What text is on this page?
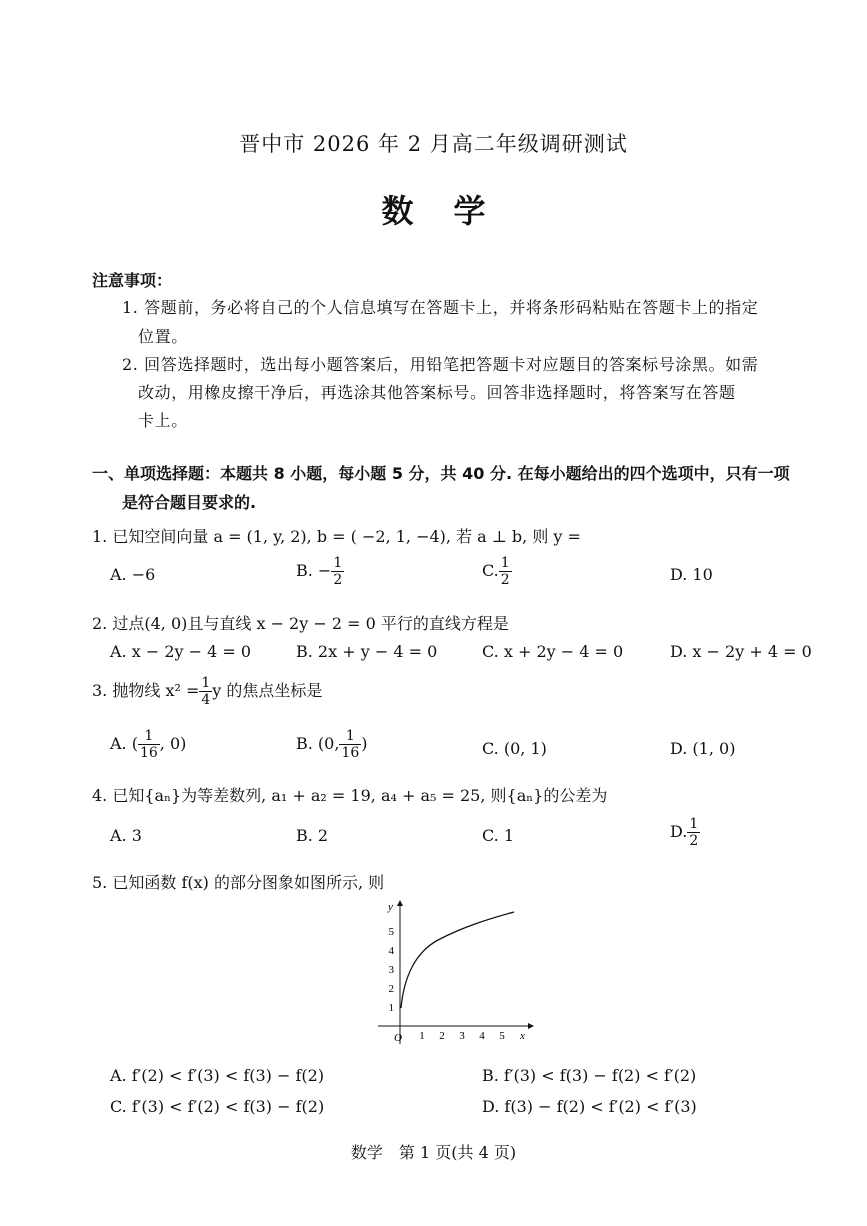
晋中市 2026 年 2 月高二年级调研测试
数学
注意事项：
1. 答题前，务必将自己的个人信息填写在答题卡上，并将条形码粘贴在答题卡上的指定
位置。
2. 回答选择题时，选出每小题答案后，用铅笔把答题卡对应题目的答案标号涂黑。如需
改动，用橡皮擦干净后，再选涂其他答案标号。回答非选择题时，将答案写在答题
卡上。
一、单项选择题：本题共 8 小题，每小题 5 分，共 40 分. 在每小题给出的四个选项中，只有一项
是符合题目要求的.
1. 已知空间向量 a = (1, y, 2), b = ( −2, 1, −4), 若 a ⊥ b, 则 y =
A. −6	B. − $\frac{1}{2}$	C. $\frac{1}{2}$	D. 10
2. 过点(4, 0)且与直线 x − 2y − 2 = 0 平行的直线方程是
A. x − 2y − 4 = 0	B. 2x + y − 4 = 0	C. x + 2y − 4 = 0	D. x − 2y + 4 = 0
3. 抛物线 $x^2 = \frac{1}{4}$ y 的焦点坐标是
A. ( $\frac{1}{16}$ , 0)	B. (0, $\frac{1}{16}$ )	C. (0, 1)	D. (1, 0)
4. 已知{aₙ}为等差数列, a₁ + a₂ = 19, a₄ + a₅ = 25, 则{aₙ}的公差为
A. 3	B. 2	C. 1	D. $\frac{1}{2}$
5. 已知函数 f(x) 的部分图象如图所示, 则
x
y
O 1 2 3 4 5
1
2
3
4
5
A. f′(2) < f′(3) < f(3) − f(2)	B. f′(3) < f(3) − f(2) < f′(2)
C. f′(3) < f′(2) < f(3) − f(2)	D. f(3) − f(2) < f′(2) < f′(3)
数学　第 1 页(共 4 页)
